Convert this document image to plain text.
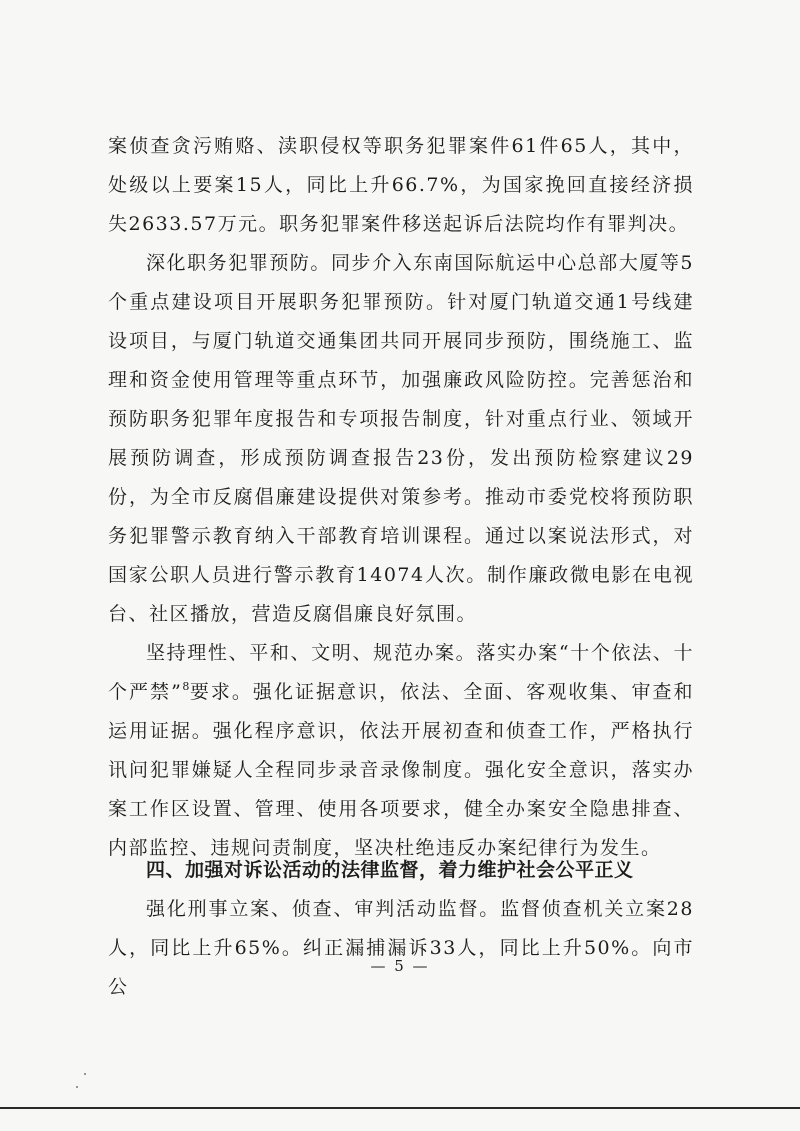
案侦查贪污贿赂、渎职侵权等职务犯罪案件61件65人，其中，处级以上要案15人，同比上升66.7%，为国家挽回直接经济损失2633.57万元。职务犯罪案件移送起诉后法院均作有罪判决。

深化职务犯罪预防。同步介入东南国际航运中心总部大厦等5个重点建设项目开展职务犯罪预防。针对厦门轨道交通1号线建设项目，与厦门轨道交通集团共同开展同步预防，围绕施工、监理和资金使用管理等重点环节，加强廉政风险防控。完善惩治和预防职务犯罪年度报告和专项报告制度，针对重点行业、领域开展预防调查，形成预防调查报告23份，发出预防检察建议29份，为全市反腐倡廉建设提供对策参考。推动市委党校将预防职务犯罪警示教育纳入干部教育培训课程。通过以案说法形式，对国家公职人员进行警示教育14074人次。制作廉政微电影在电视台、社区播放，营造反腐倡廉良好氛围。

坚持理性、平和、文明、规范办案。落实办案“十个依法、十个严禁”$^8$要求。强化证据意识，依法、全面、客观收集、审查和运用证据。强化程序意识，依法开展初查和侦查工作，严格执行讯问犯罪嫌疑人全程同步录音录像制度。强化安全意识，落实办案工作区设置、管理、使用各项要求，健全办案安全隐患排查、内部监控、违规问责制度，坚决杜绝违反办案纪律行为发生。

四、加强对诉讼活动的法律监督，着力维护社会公平正义

强化刑事立案、侦查、审判活动监督。监督侦查机关立案28人，同比上升65%。纠正漏捕漏诉33人，同比上升50%。向市公

— 5 —
